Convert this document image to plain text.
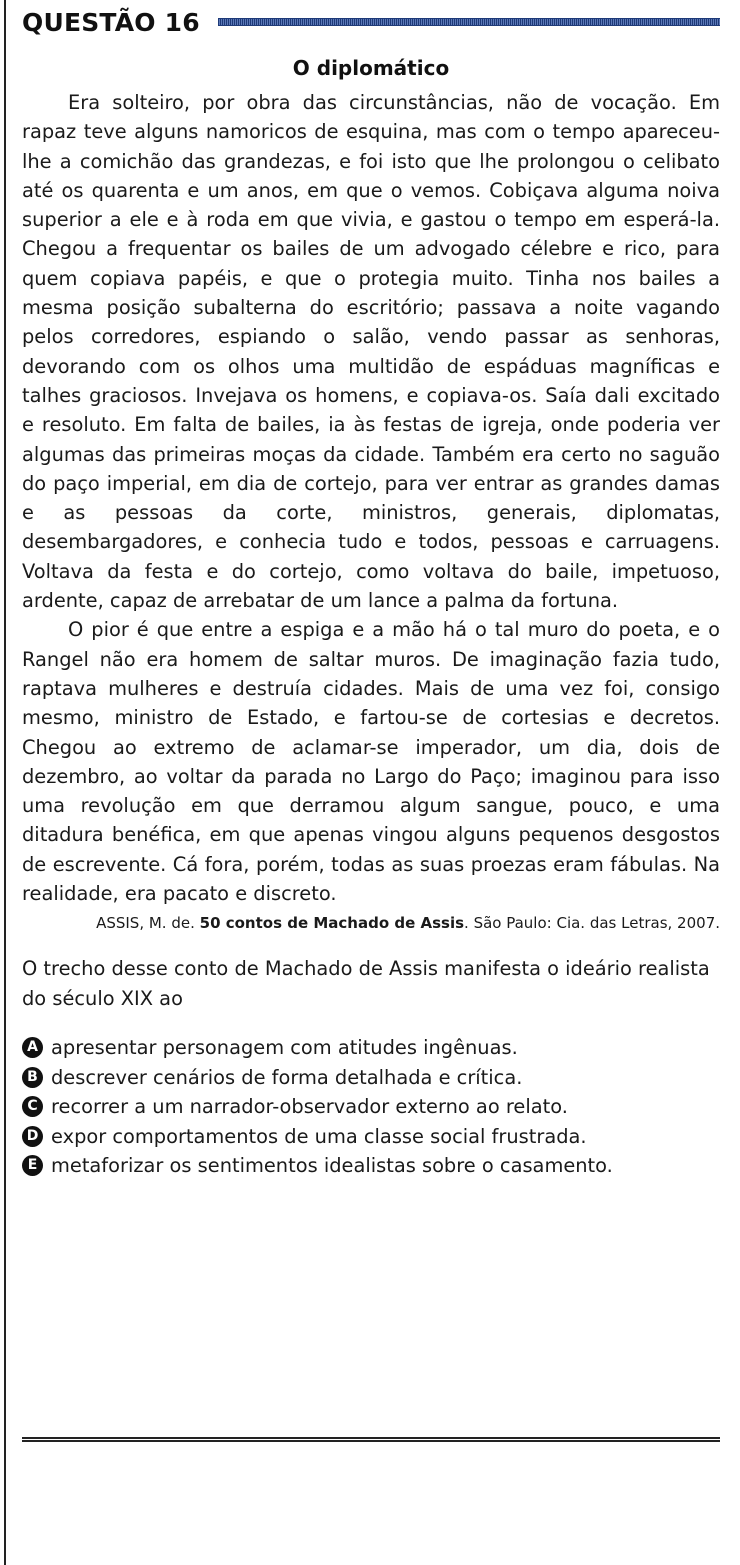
QUESTÃO 16
O diplomático

Era solteiro, por obra das circunstâncias, não de vocação. Em rapaz teve alguns namoricos de esquina, mas com o tempo apareceu-lhe a comichão das grandezas, e foi isto que lhe prolongou o celibato até os quarenta e um anos, em que o vemos. Cobiçava alguma noiva superior a ele e à roda em que vivia, e gastou o tempo em esperá-la. Chegou a frequentar os bailes de um advogado célebre e rico, para quem copiava papéis, e que o protegia muito. Tinha nos bailes a mesma posição subalterna do escritório; passava a noite vagando pelos corredores, espiando o salão, vendo passar as senhoras, devorando com os olhos uma multidão de espáduas magníficas e talhes graciosos. Invejava os homens, e copiava-os. Saía dali excitado e resoluto. Em falta de bailes, ia às festas de igreja, onde poderia ver algumas das primeiras moças da cidade. Também era certo no saguão do paço imperial, em dia de cortejo, para ver entrar as grandes damas e as pessoas da corte, ministros, generais, diplomatas, desembargadores, e conhecia tudo e todos, pessoas e carruagens. Voltava da festa e do cortejo, como voltava do baile, impetuoso, ardente, capaz de arrebatar de um lance a palma da fortuna.

O pior é que entre a espiga e a mão há o tal muro do poeta, e o Rangel não era homem de saltar muros. De imaginação fazia tudo, raptava mulheres e destruía cidades. Mais de uma vez foi, consigo mesmo, ministro de Estado, e fartou-se de cortesias e decretos. Chegou ao extremo de aclamar-se imperador, um dia, dois de dezembro, ao voltar da parada no Largo do Paço; imaginou para isso uma revolução em que derramou algum sangue, pouco, e uma ditadura benéfica, em que apenas vingou alguns pequenos desgostos de escrevente. Cá fora, porém, todas as suas proezas eram fábulas. Na realidade, era pacato e discreto.

ASSIS, M. de. 50 contos de Machado de Assis. São Paulo: Cia. das Letras, 2007.
O trecho desse conto de Machado de Assis manifesta o ideário realista do século XIX ao
A apresentar personagem com atitudes ingênuas.
B descrever cenários de forma detalhada e crítica.
C recorrer a um narrador-observador externo ao relato.
D expor comportamentos de uma classe social frustrada.
E metaforizar os sentimentos idealistas sobre o casamento.
